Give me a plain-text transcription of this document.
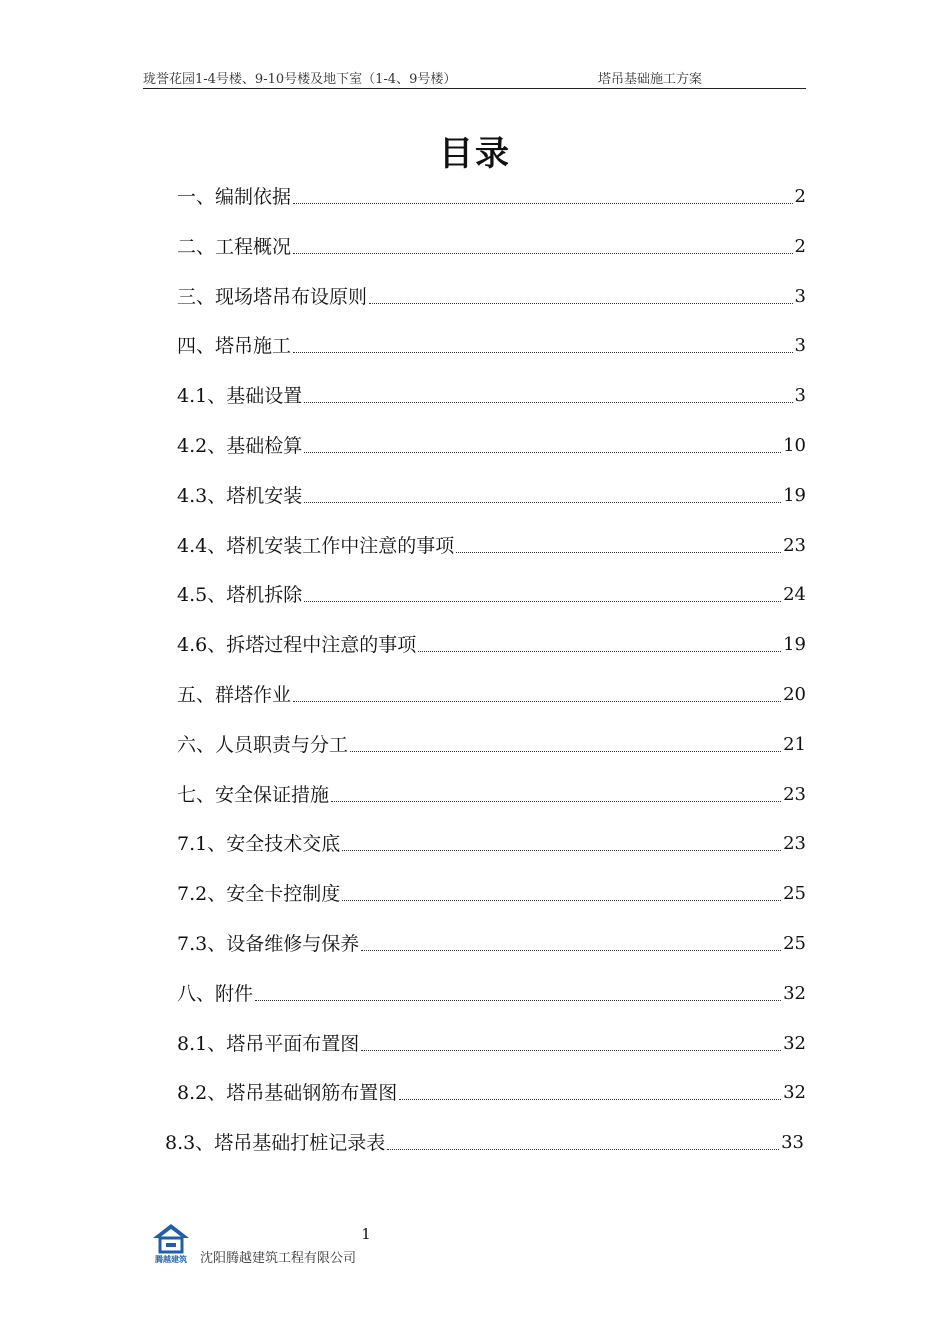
珑誉花园1-4号楼、9-10号楼及地下室（1-4、9号楼）	塔吊基础施工方案
目录
一、编制依据	2
二、工程概况	2
三、现场塔吊布设原则	3
四、塔吊施工	3
4.1、基础设置	3
4.2、基础检算	10
4.3、塔机安装	19
4.4、塔机安装工作中注意的事项	23
4.5、塔机拆除	24
4.6、拆塔过程中注意的事项	19
五、群塔作业	20
六、人员职责与分工	21
七、安全保证措施	23
7.1、安全技术交底	23
7.2、安全卡控制度	25
7.3、设备维修与保养	25
八、附件	32
8.1、塔吊平面布置图	32
8.2、塔吊基础钢筋布置图	32
8.3、塔吊基础打桩记录表	33
1
腾越建筑 沈阳腾越建筑工程有限公司
